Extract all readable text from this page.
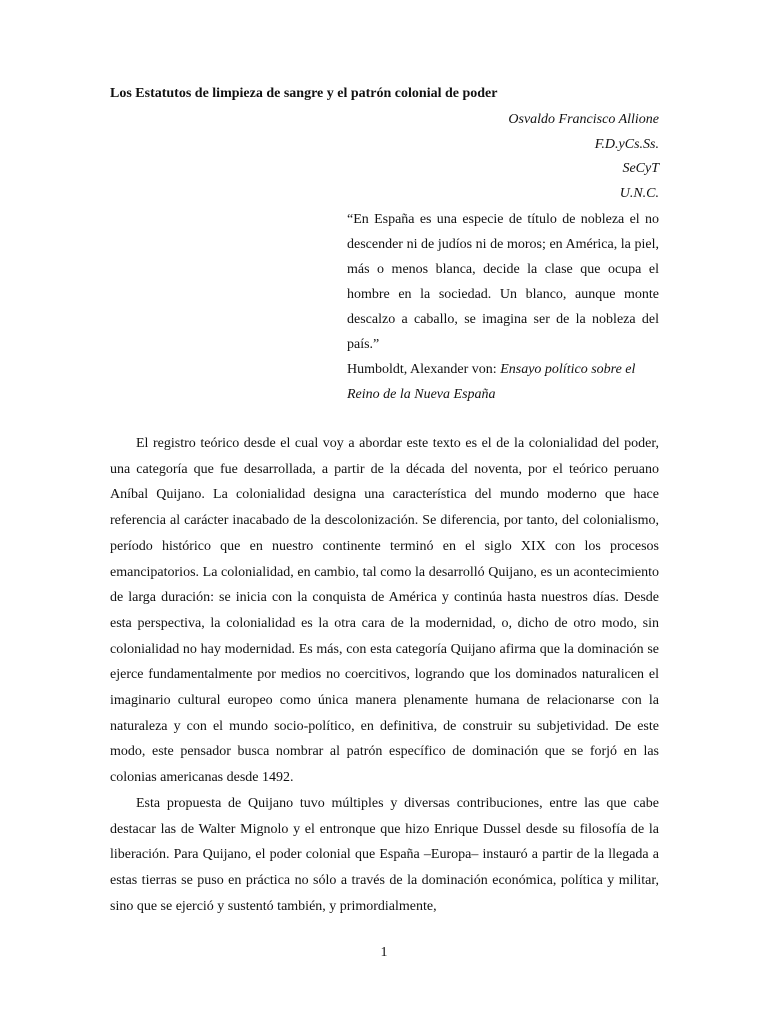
Los Estatutos de limpieza de sangre y el patrón colonial de poder
Osvaldo Francisco Allione
F.D.yCs.Ss.
SeCyT
U.N.C.

“En España es una especie de título de nobleza el no descender ni de judíos ni de moros; en América, la piel, más o menos blanca, decide la clase que ocupa el hombre en la sociedad. Un blanco, aunque monte descalzo a caballo, se imagina ser de la nobleza del país.”

Humboldt, Alexander von: Ensayo político sobre el Reino de la Nueva España

El registro teórico desde el cual voy a abordar este texto es el de la colonialidad del poder, una categoría que fue desarrollada, a partir de la década del noventa, por el teórico peruano Aníbal Quijano. La colonialidad designa una característica del mundo moderno que hace referencia al carácter inacabado de la descolonización. Se diferencia, por tanto, del colonialismo, período histórico que en nuestro continente terminó en el siglo XIX con los procesos emancipatorios. La colonialidad, en cambio, tal como la desarrolló Quijano, es un acontecimiento de larga duración: se inicia con la conquista de América y continúa hasta nuestros días. Desde esta perspectiva, la colonialidad es la otra cara de la modernidad, o, dicho de otro modo, sin colonialidad no hay modernidad. Es más, con esta categoría Quijano afirma que la dominación se ejerce fundamentalmente por medios no coercitivos, logrando que los dominados naturalicen el imaginario cultural europeo como única manera plenamente humana de relacionarse con la naturaleza y con el mundo socio-político, en definitiva, de construir su subjetividad. De este modo, este pensador busca nombrar al patrón específico de dominación que se forjó en las colonias americanas desde 1492.

Esta propuesta de Quijano tuvo múltiples y diversas contribuciones, entre las que cabe destacar las de Walter Mignolo y el entronque que hizo Enrique Dussel desde su filosofía de la liberación. Para Quijano, el poder colonial que España –Europa– instauró a partir de la llegada a estas tierras se puso en práctica no sólo a través de la dominación económica, política y militar, sino que se ejerció y sustentó también, y primordialmente,

1
